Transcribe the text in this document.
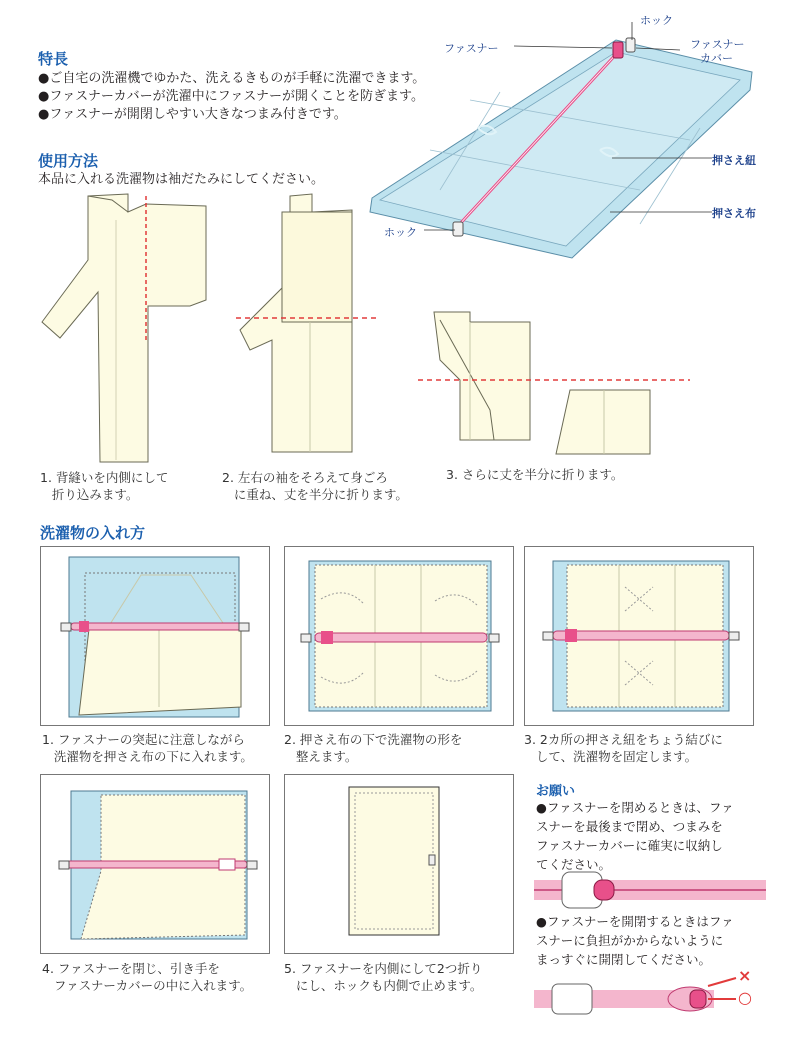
特長
●ご自宅の洗濯機でゆかた、洗えるきものが手軽に洗濯できます。
●ファスナーカバーが洗濯中にファスナーが開くことを防ぎます。
●ファスナーが開閉しやすい大きなつまみ付きです。
ホック
ファスナー	ファスナー
カバー
押さえ紐
押さえ布
ホック
使用方法
本品に入れる洗濯物は袖だたみにしてください。
1. 背縫いを内側にして
折り込みます。
2. 左右の袖をそろえて身ごろ
に重ね、丈を半分に折ります。
3. さらに丈を半分に折ります。
洗濯物の入れ方
1. ファスナーの突起に注意しながら
洗濯物を押さえ布の下に入れます。
2. 押さえ布の下で洗濯物の形を
整えます。
3. 2カ所の押さえ紐をちょう結びに
して、洗濯物を固定します。
4. ファスナーを閉じ、引き手を
ファスナーカバーの中に入れます。
5. ファスナーを内側にして2つ折り
にし、ホックも内側で止めます。
お願い
●ファスナーを閉めるときは、ファ
スナーを最後まで閉め、つまみを
ファスナーカバーに確実に収納し
てください。
●ファスナーを開閉するときはファ
スナーに負担がかからないように
まっすぐに開閉してください。
×
○
